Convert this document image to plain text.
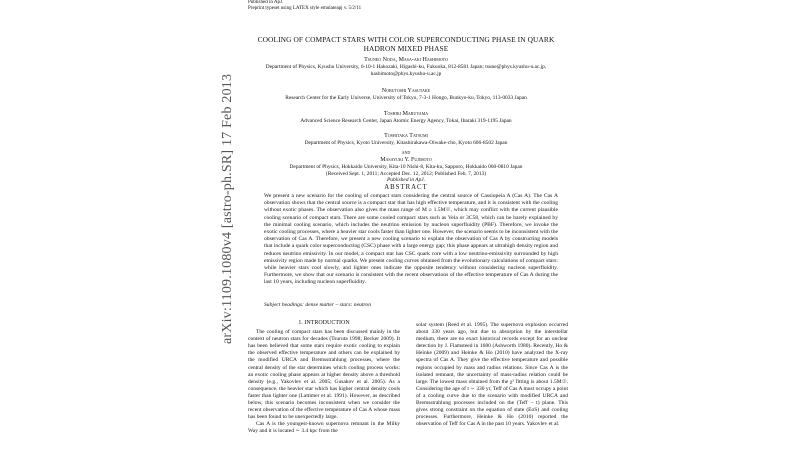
Published in ApJ.
Preprint typeset using LATEX style emulateapj v. 5/2/11
arXiv:1109.1080v4 [astro-ph.SR] 17 Feb 2013
COOLING OF COMPACT STARS WITH COLOR SUPERCONDUCTING PHASE IN QUARK HADRON MIXED PHASE
Tsuneo Noda, Masa-aki Hashimoto
Department of Physics, Kyushu University, 6-10-1 Hakozaki, Higashi-ku, Fukuoka, 812-8581 Japan; tsune@phys.kyushu-u.ac.jp, hashimoto@phys.kyushu-u.ac.jp
Nobutoshi Yasutake
Research Center for the Early Universe, University of Tokyo, 7-3-1 Hongo, Bunkyo-ku, Tokyo, 113-0033 Japan
Toshiki Maruyama
Advanced Science Research Center, Japan Atomic Energy Agency, Tokai, Ibaraki 319-1195 Japan
Toshitaka Tatsumi
Department of Physics, Kyoto University, Kitashirakawa-Oiwake-cho, Kyoto 606-8502 Japan
and
Masayuki Y. Fujimoto
Department of Physics, Hokkaido University, Kita-10 Nishi-8, Kita-ku, Sapporo, Hokkaido 060-0810 Japan
(Received Sept. 1, 2011; Accepted Dec. 12, 2012; Published Feb. 7, 2013)
Published in ApJ.
ABSTRACT
We present a new scenario for the cooling of compact stars considering the central source of Cassiopeia A (Cas A). The Cas A observation shows that the central source is a compact star that has high effective temperature, and it is consistent with the cooling without exotic phases. The observation also gives the mass range of M ≥ 1.5M☉, which may conflict with the current plausible cooling scenario of compact stars. There are some cooled compact stars such as Vela or 3C58, which can be barely explained by the minimal cooling scenario, which includes the neutrino emission by nucleon superfluidity (PBF). Therefore, we invoke the exotic cooling processes, where a heavier star cools faster than lighter one. However, the scenario seems to be inconsistent with the observation of Cas A. Therefore, we present a new cooling scenario to explain the observation of Cas A by constructing models that include a quark color superconducting (CSC) phase with a large energy gap; this phase appears at ultrahigh density region and reduces neutrino emissivity. In our model, a compact star has CSC quark core with a low neutrino-emissivity surrounded by high emissivity region made by normal quarks. We present cooling curves obtained from the evolutionary calculations of compact stars: while heavier stars cool slowly, and lighter ones indicate the opposite tendency without considering nucleon superfluidity. Furthermore, we show that our scenario is consistent with the recent observations of the effective temperature of Cas A during the last 10 years, including nucleon superfluidity.
Subject headings: dense matter – stars: neutron
1. INTRODUCTION
The cooling of compact stars has been discussed mainly in the context of neutron stars for decades (Tsuruta 1998; Becker 2009). It has been believed that some stars require exotic cooling to explain the observed effective temperature and others can be explained by the modified URCA and Bremsstrahlung processes, where the central density of the star determines which cooling process works: an exotic cooling phase appears at higher density above a threshold density (e.g., Yakovlev et al. 2005; Gusakov et al. 2005). As a consequence, the heavier star which has higher central density cools faster than lighter one (Lattimer et al. 1991). However, as described below, this scenario becomes inconsistent when we consider the recent observation of the effective temperature of Cas A whose mass has been found to be unexpectedly large.
Cas A is the youngest-known supernova remnant in the Milky Way and it is located ∼ 3.4 kpc from the
solar system (Reed et al. 1995). The supernova explosion occurred about 330 years ago, but due to absorption by the interstellar medium, there are no exact historical records except for an unclear detection by J. Flamsteed in 1680 (Ashworth 1980). Recently, Ho & Heinke (2009) and Heinke & Ho (2010) have analyzed the X-ray spectra of Cas A. They give the effective temperature and possible regions occupied by mass and radius relations. Since Cas A is the isolated remnant, the uncertainty of mass-radius relation could be large. The lowest mass obtained from the χ² fitting is about 1.5M☉. Considering the age of t ∼ 330 yr, Teff of Cas A must occupy a point of a cooling curve due to the scenario with modified URCA and Bremsstrahlung processes included on the (Teff − t) plane. This gives strong constraint on the equation of state (EoS) and cooling processes. Furthermore, Heinke & Ho (2010) reported the observation of Teff for Cas A in the past 10 years. Yakovlev et al.
